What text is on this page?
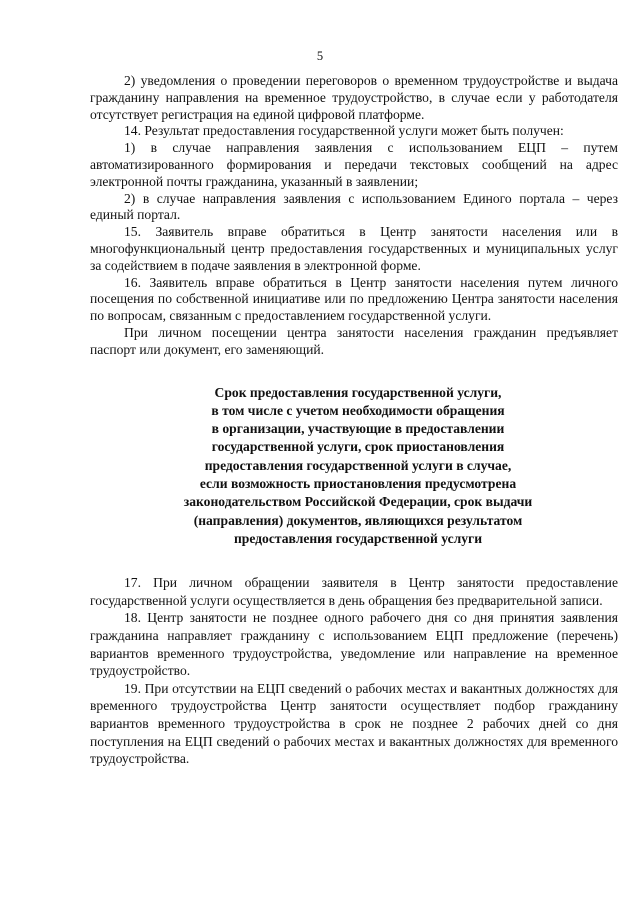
5

2) уведомления о проведении переговоров о временном трудоустройстве и выдача гражданину направления на временное трудоустройство, в случае если у работодателя отсутствует регистрация на единой цифровой платформе.

14. Результат предоставления государственной услуги может быть получен:

1) в случае направления заявления с использованием ЕЦП – путем автоматизированного формирования и передачи текстовых сообщений на адрес электронной почты гражданина, указанный в заявлении;

2) в случае направления заявления с использованием Единого портала – через единый портал.

15. Заявитель вправе обратиться в Центр занятости населения или в многофункциональный центр предоставления государственных и муниципальных услуг за содействием в подаче заявления в электронной форме.

16. Заявитель вправе обратиться в Центр занятости населения путем личного посещения по собственной инициативе или по предложению Центра занятости населения по вопросам, связанным с предоставлением государственной услуги.

При личном посещении центра занятости населения гражданин предъявляет паспорт или документ, его заменяющий.

Срок предоставления государственной услуги,
в том числе с учетом необходимости обращения
в организации, участвующие в предоставлении
государственной услуги, срок приостановления
предоставления государственной услуги в случае,
если возможность приостановления предусмотрена
законодательством Российской Федерации, срок выдачи
(направления) документов, являющихся результатом
предоставления государственной услуги

17. При личном обращении заявителя в Центр занятости предоставление государственной услуги осуществляется в день обращения без предварительной записи.

18. Центр занятости не позднее одного рабочего дня со дня принятия заявления гражданина направляет гражданину с использованием ЕЦП предложение (перечень) вариантов временного трудоустройства, уведомление или направление на временное трудоустройство.

19. При отсутствии на ЕЦП сведений о рабочих местах и вакантных должностях для временного трудоустройства Центр занятости осуществляет подбор гражданину вариантов временного трудоустройства в срок не позднее 2 рабочих дней со дня поступления на ЕЦП сведений о рабочих местах и вакантных должностях для временного трудоустройства.
